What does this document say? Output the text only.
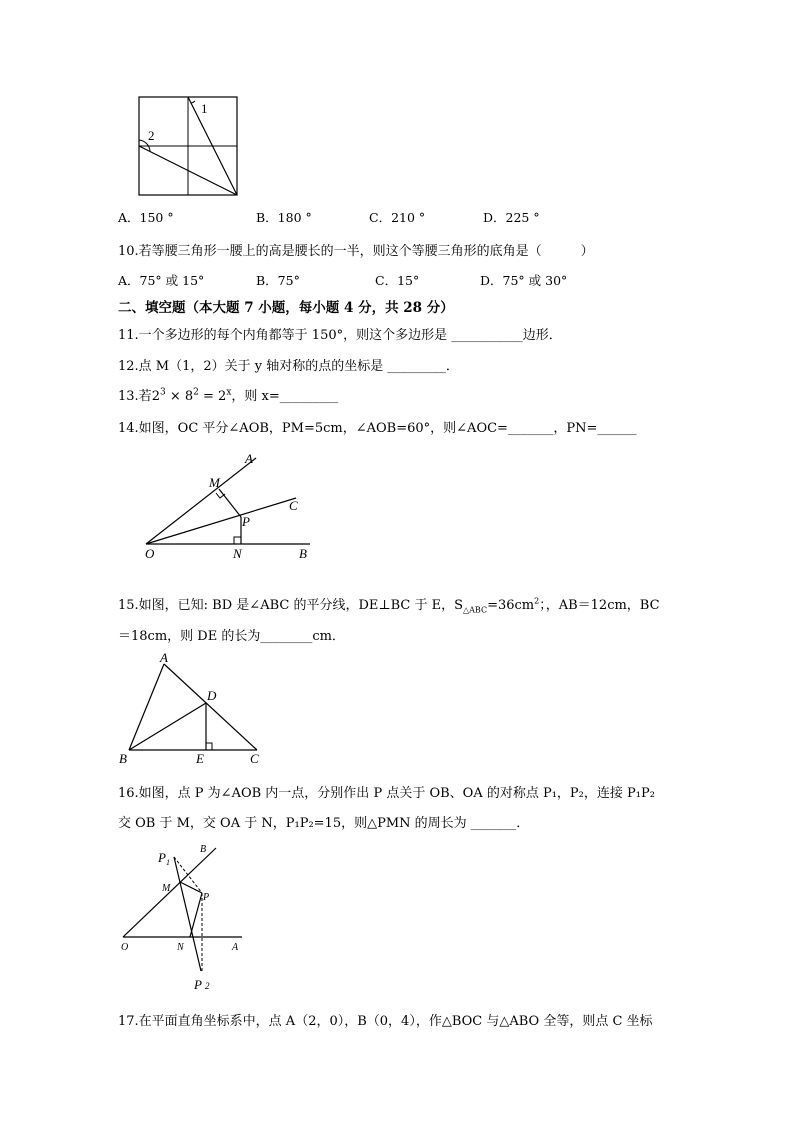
1
2
A．150 °	B．180 °	C．210 °	D．225 °
10.若等腰三角形一腰上的高是腰长的一半，则这个等腰三角形的底角是（　　　）
A．75° 或 15°	B．75°	C．15°	D．75° 或 30°
二、填空题（本大题 7 小题，每小题 4 分，共 28 分）
11.一个多边形的每个内角都等于 150°，则这个多边形是 ___________边形．
12.点 M（1，2）关于 y 轴对称的点的坐标是 _________．
13.若$2^3 \times 8^2 = 2^x$，则 x=_________
14.如图，OC 平分∠AOB，PM=5cm，∠AOB=60°，则∠AOC=_______，PN=______
A
M
C
P
O	N	B
15.如图，已知: BD 是∠ABC 的平分线，DE⊥BC 于 E，$S_{\triangle ABC}=36cm^2$；，AB＝12cm，BC
＝18cm，则 DE 的长为________cm．
A
D
B	E	C
16.如图，点 P 为∠AOB 内一点，分别作出 P 点关于 OB、OA 的对称点 P₁，P₂，连接 P₁P₂
交 OB 于 M，交 OA 于 N，P₁P₂=15，则△PMN 的周长为 _______．
$P_1$
B
M
P
O	N	A
P 2
17.在平面直角坐标系中，点 A（2，0），B（0，4），作△BOC 与△ABO 全等，则点 C 坐标
